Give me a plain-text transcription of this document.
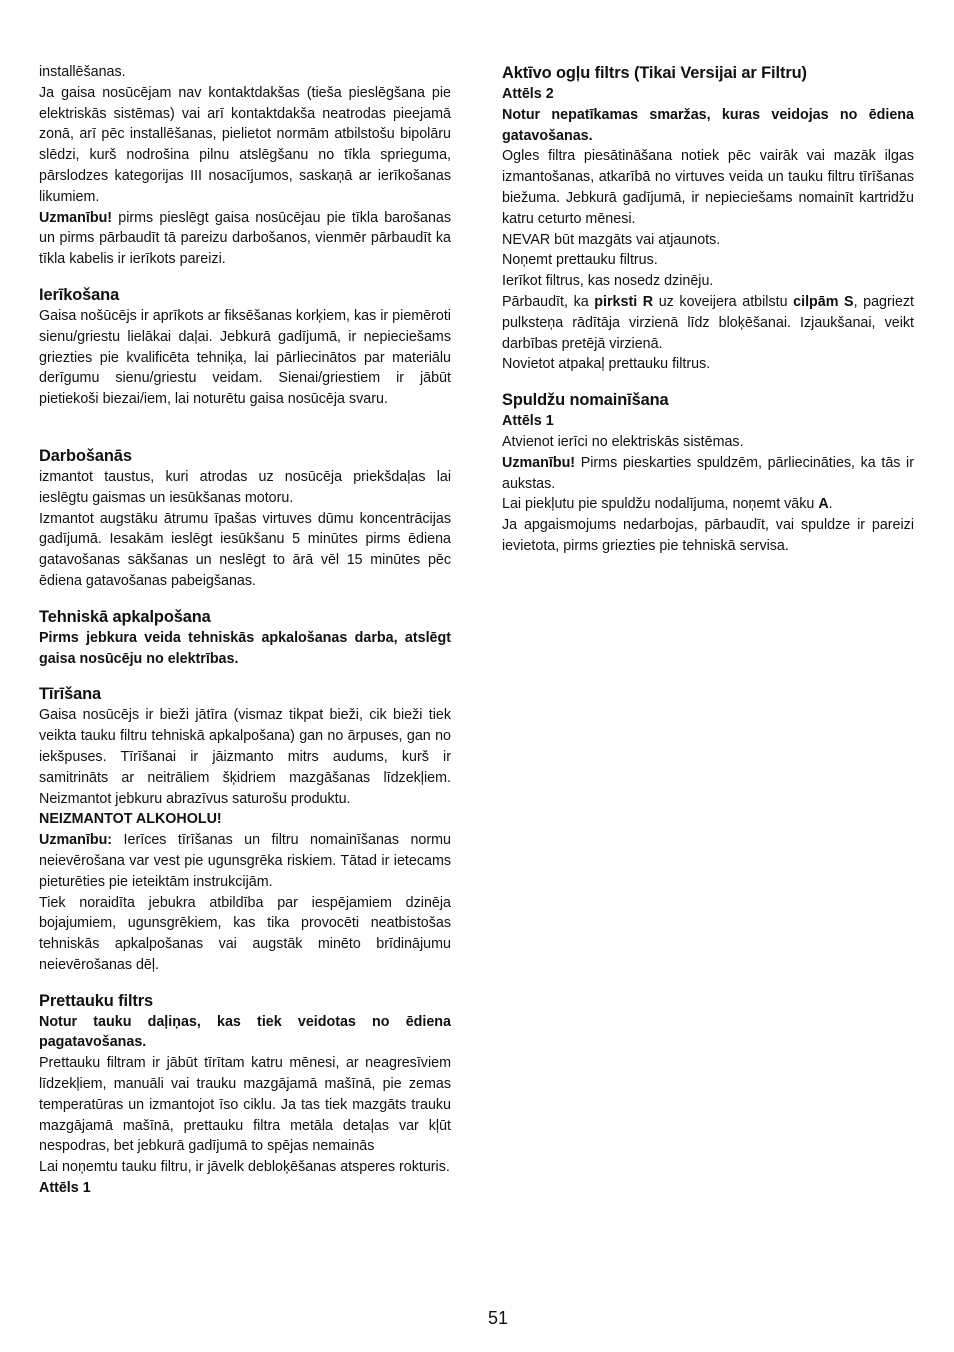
installēšanas.

Ja gaisa nosūcējam nav kontaktdakšas (tieša pieslēgšana pie elektriskās sistēmas) vai arī kontaktdakša neatrodas pieejamā zonā, arī pēc installēšanas, pielietot normām atbilstošu bipolāru slēdzi, kurš nodrošina pilnu atslēgšanu no tīkla sprieguma, pārslodzes kategorijas III nosacījumos, saskaņā ar ierīkošanas likumiem.

Uzmanību! pirms pieslēgt gaisa nosūcējau pie tīkla barošanas un pirms pārbaudīt tā pareizu darbošanos, vienmēr pārbaudīt ka tīkla kabelis ir ierīkots pareizi.

Ierīkošana

Gaisa nošūcējs ir aprīkots ar fiksēšanas korķiem, kas ir piemēroti sienu/griestu lielākai daļai. Jebkurā gadījumā, ir nepieciešams griezties pie kvalificēta tehniķa, lai pārliecinātos par materiālu derīgumu sienu/griestu veidam. Sienai/griestiem ir jābūt pietiekoši biezai/iem, lai noturētu gaisa nosūcēja svaru.

Darbošanās

izmantot taustus, kuri atrodas uz nosūcēja priekšdaļas lai ieslēgtu gaismas un iesūkšanas motoru.

Izmantot augstāku ātrumu īpašas virtuves dūmu koncentrācijas gadījumā. Iesakām ieslēgt iesūkšanu 5 minūtes pirms ēdiena gatavošanas sākšanas un neslēgt to ārā vēl 15 minūtes pēc ēdiena gatavošanas pabeigšanas.

Tehniskā apkalpošana

Pirms jebkura veida tehniskās apkalošanas darba, atslēgt gaisa nosūcēju no elektrības.

Tīrīšana

Gaisa nosūcējs ir bieži jātīra (vismaz tikpat bieži, cik bieži tiek veikta tauku filtru tehniskā apkalpošana) gan no ārpuses, gan no iekšpuses. Tīrīšanai ir jāizmanto mitrs audums, kurš ir samitrināts ar neitrāliem šķidriem mazgāšanas līdzekļiem. Neizmantot jebkuru abrazīvus saturošu produktu.

NEIZMANTOT ALKOHOLU!

Uzmanību: Ierīces tīrīšanas un filtru nomainīšanas normu neievērošana var vest pie ugunsgrēka riskiem. Tātad ir ietecams pieturēties pie ieteiktām instrukcijām.

Tiek noraidīta jebukra atbildība par iespējamiem dzinēja bojajumiem, ugunsgrēkiem, kas tika provocēti neatbistošas tehniskās apkalpošanas vai augstāk minēto brīdinājumu neievērošanas dēļ.

Prettauku filtrs

Notur tauku daļiņas, kas tiek veidotas no ēdiena pagatavošanas.

Prettauku filtram ir jābūt tīrītam katru mēnesi, ar neagresīviem līdzekļiem, manuāli vai trauku mazgājamā mašīnā, pie zemas temperatūras un izmantojot īso ciklu. Ja tas tiek mazgāts trauku mazgājamā mašīnā, prettauku filtra metāla detaļas var kļūt nespodras, bet jebkurā gadījumā to spējas nemainās

Lai noņemtu tauku filtru, ir jāvelk debloķēšanas atsperes rokturis.

Attēls 1

Aktīvo ogļu filtrs (Tikai Versijai ar Filtru)

Attēls 2

Notur nepatīkamas smaržas, kuras veidojas no ēdiena gatavošanas.

Ogles filtra piesātināšana notiek pēc vairāk vai mazāk ilgas izmantošanas, atkarībā no virtuves veida un tauku filtru tīrīšanas biežuma. Jebkurā gadījumā, ir nepieciešams nomainīt kartridžu katru ceturto mēnesi.

NEVAR būt mazgāts vai atjaunots.

Noņemt prettauku filtrus.

Ierīkot filtrus, kas nosedz dzinēju.

Pārbaudīt, ka pirksti R uz koveijera atbilstu cilpām S, pagriezt pulksteņa rādītāja virzienā līdz bloķēšanai. Izjaukšanai, veikt darbības pretējā virzienā.

Novietot atpakaļ prettauku filtrus.

Spuldžu nomainīšana

Attēls 1

Atvienot ierīci no elektriskās sistēmas.

Uzmanību! Pirms pieskarties spuldzēm, pārliecināties, ka tās ir aukstas.

Lai piekļutu pie spuldžu nodalījuma, noņemt vāku A.

Ja apgaismojums nedarbojas, pārbaudīt, vai spuldze ir pareizi ievietota, pirms griezties pie tehniskā servisa.

51
